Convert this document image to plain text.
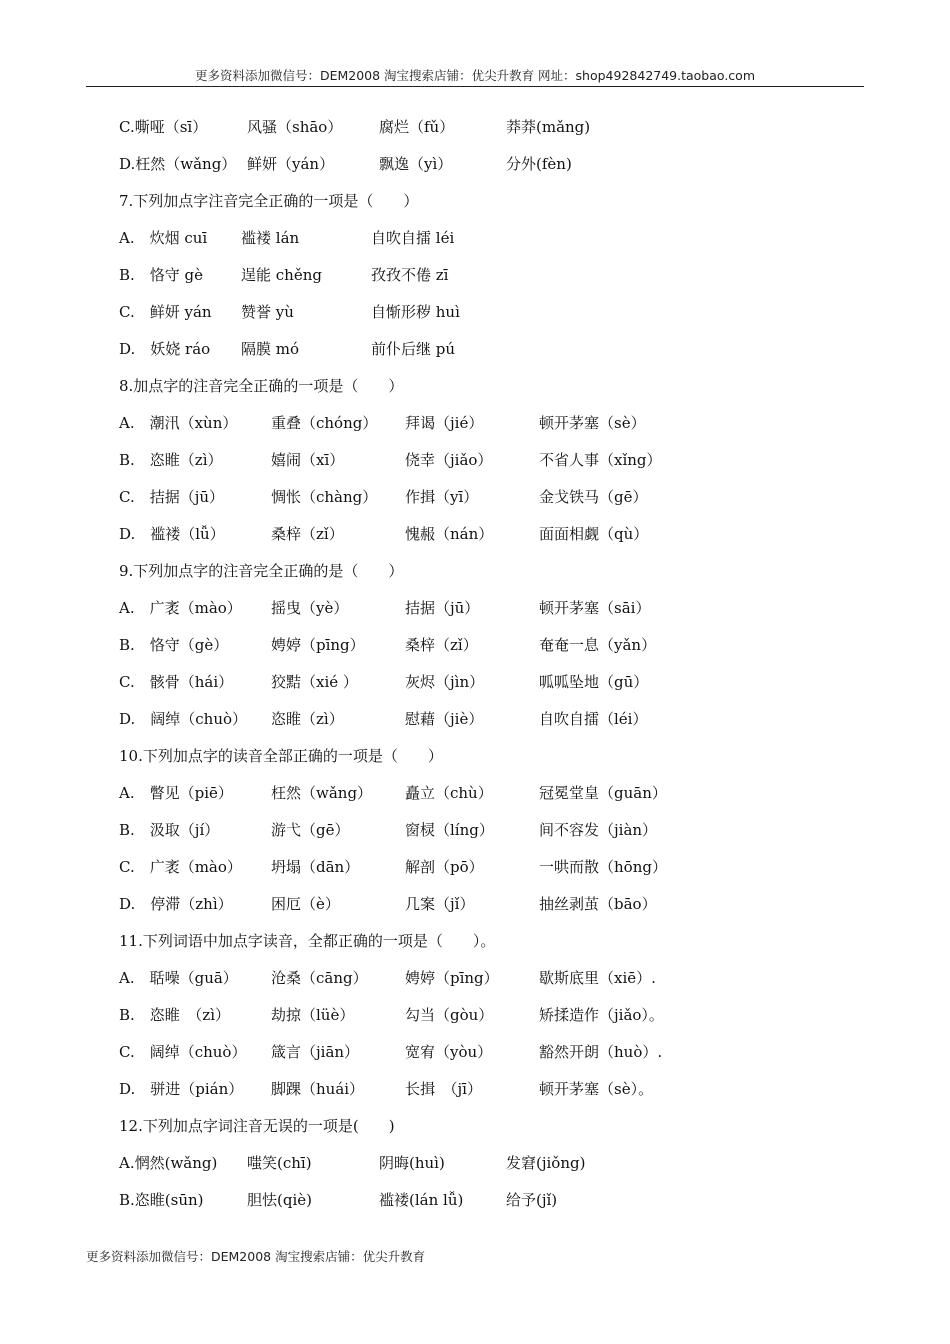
更多资料添加微信号：DEM2008 淘宝搜索店铺：优尖升教育 网址：shop492842749.taobao.com
C.嘶哑（sī）	风骚（shāo）	腐烂（fǔ）	莽莽(mǎng)
D.枉然（wǎng） 鲜妍（yán）	飘逸（yì）	分外(fèn)
7.下列加点字注音完全正确的一项是（　　）
A.　炊烟 cuī	褴褛 lán	自吹自擂 léi
B.　恪守 gè	逞能 chěng	孜孜不倦 zī
C.　鲜妍 yán	赞誉 yù	自惭形秽 huì
D.　妖娆 ráo	隔膜 mó	前仆后继 pú
8.加点字的注音完全正确的一项是（　　）
A.　潮汛（xùn）	重叠（chóng）	拜谒（jié）	顿开茅塞（sè）
B.　恣睢（zì）	嬉闹（xī）	侥幸（jiǎo）	不省人事（xǐng）
C.　拮据（jū）	惆怅（chàng）	作揖（yī）	金戈铁马（gē）
D.　褴褛（lǚ）	桑梓（zǐ）	愧赧（nán）	面面相觑（qù）
9.下列加点字的注音完全正确的是（　　）
A.　广袤（mào）	摇曳（yè）	拮据（jū）	顿开茅塞（sāi）
B.　恪守（gè）	娉婷（pīng）	桑梓（zǐ）	奄奄一息（yǎn）
C.　骸骨（hái）	狡黠（xié ）	灰烬（jìn）	呱呱坠地（gū）
D.　阔绰（chuò）	恣睢（zì）	慰藉（jiè）	自吹自擂（léi）
10.下列加点字的读音全部正确的一项是（　　）
A.　瞥见（piē）	枉然（wǎng）	矗立（chù）	冠冕堂皇（guān）
B.　汲取（jí）	游弋（gē）	窗棂（líng）	间不容发（jiàn）
C.　广袤（mào）	坍塌（dān）	解剖（pō）	一哄而散（hōng）
D.　停滞（zhì）	困厄（è）	几案（jǐ）	抽丝剥茧（bāo）
11.下列词语中加点字读音，全都正确的一项是（　　）。
A.　聒噪（guā）	沧桑（cāng）	娉婷（pīng）	歇斯底里（xiē）.
B.　恣睢　（zì）	劫掠（lüè）	勾当（gòu）	矫揉造作（jiǎo）。
C.　阔绰（chuò）	箴言（jiān）	宽宥（yòu）	豁然开朗（huò）.
D.　骈进（pián）	脚踝（huái）	长揖　（jī）	顿开茅塞（sè）。
12.下列加点字词注音无误的一项是(　　)
A.惘然(wǎng)	嗤笑(chī)	阴晦(huì)	发窘(jiǒng)
B.恣睢(sūn)	胆怯(qiè)	褴褛(lán lǚ)	给予(jǐ)
更多资料添加微信号：DEM2008 淘宝搜索店铺：优尖升教育
